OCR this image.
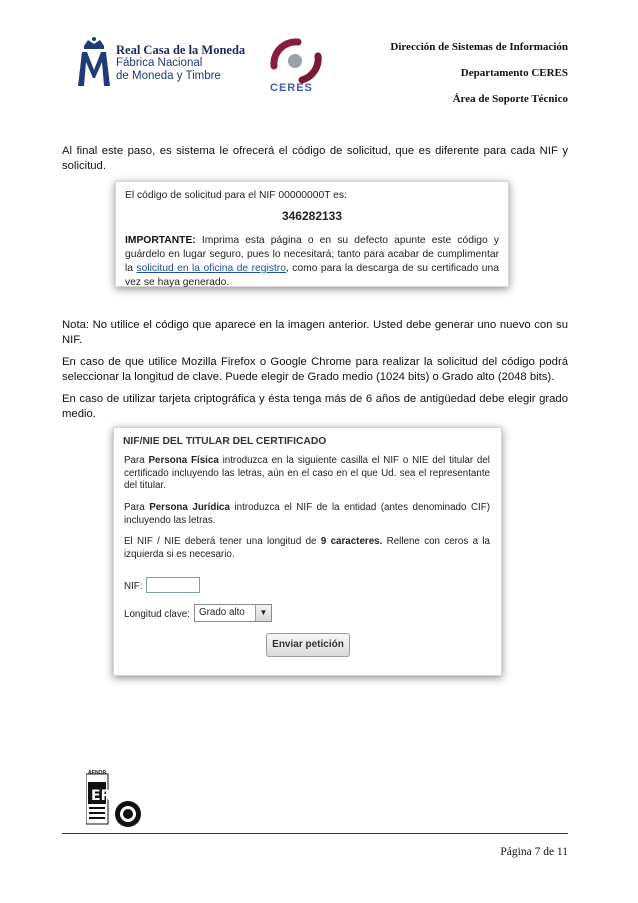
Real Casa de la Moneda
Fábrica Nacional
de Moneda y Timbre
CERES
Dirección de Sistemas de Información
Departamento CERES
Área de Soporte Técnico
Al final este paso, es sistema le ofrecerá el código de solicitud, que es diferente para cada NIF y solicitud.
El código de solicitud para el NIF 00000000T es:
346282133
IMPORTANTE: Imprima esta página o en su defecto apunte este código y guárdelo en lugar seguro, pues lo necesitará; tanto para acabar de cumplimentar la solicitud en la oficina de registro, como para la descarga de su certificado una vez se haya generado.
Nota: No utilice el código que aparece en la imagen anterior. Usted debe generar uno nuevo con su NIF.
En caso de que utilice Mozilla Firefox o Google Chrome para realizar la solicitud del código podrá seleccionar la longitud de clave. Puede elegir de Grado medio (1024 bits) o Grado alto (2048 bits).
En caso de utilizar tarjeta criptográfica y ésta tenga más de 6 años de antigüedad debe elegir grado medio.
NIF/NIE DEL TITULAR DEL CERTIFICADO
Para Persona Física introduzca en la siguiente casilla el NIF o NIE del titular del certificado incluyendo las letras, aún en el caso en el que Ud. sea el representante del titular.
Para Persona Jurídica introduzca el NIF de la entidad (antes denominado CIF) incluyendo las letras.
El NIF / NIE deberá tener una longitud de 9 caracteres. Rellene con ceros a la izquierda si es necesario.
NIF:
Longitud clave: Grado alto	▼
Enviar petición
ER
AENOR
Página 7 de 11
